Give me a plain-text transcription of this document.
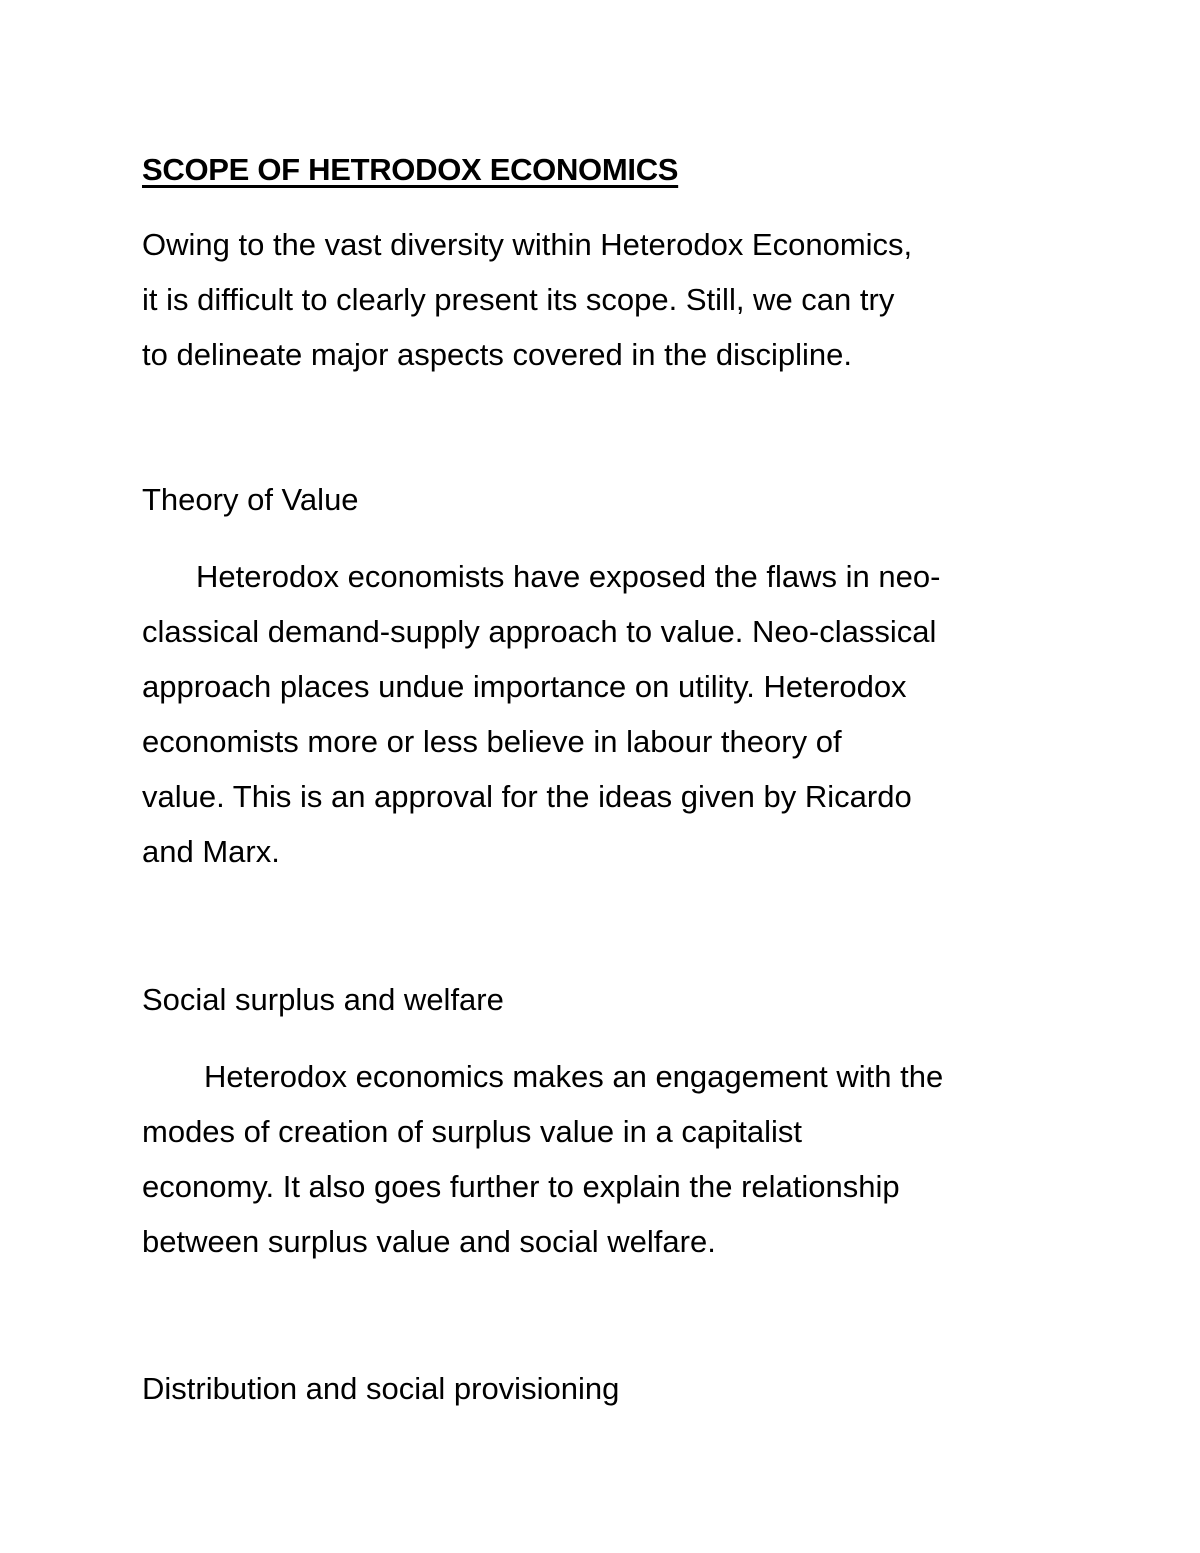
SCOPE OF HETRODOX ECONOMICS
Owing to the vast diversity within Heterodox Economics,
it is difficult to clearly present its scope. Still, we can try
to delineate major aspects covered in the discipline.
Theory of Value
Heterodox economists have exposed the flaws in neo-
classical demand-supply approach to value. Neo-classical
approach places undue importance on utility. Heterodox
economists more or less believe in labour theory of
value. This is an approval for the ideas given by Ricardo
and Marx.
Social surplus and welfare
Heterodox economics makes an engagement with the
modes of creation of surplus value in a capitalist
economy. It also goes further to explain the relationship
between surplus value and social welfare.
Distribution and social provisioning
